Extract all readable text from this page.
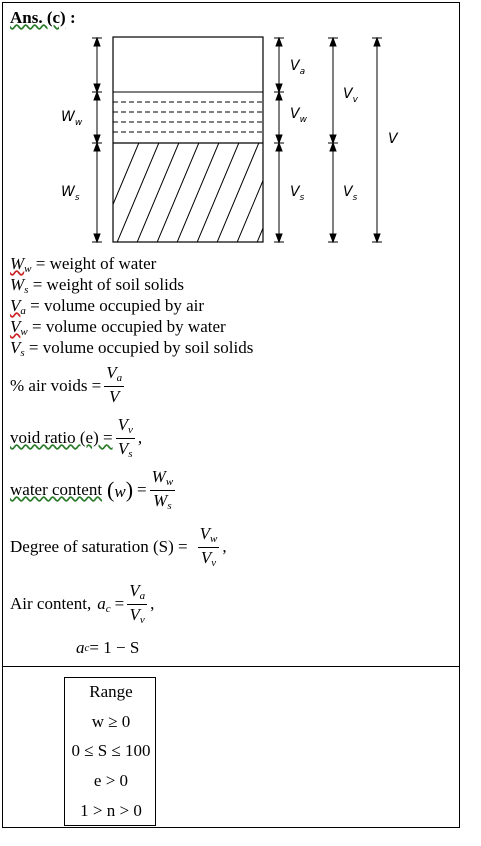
Ans. (c) :
$W_w$
$W_s$
$V_a$
$V_w$
$V_s$
$V_v$
$V_s$
V
$W_w$ = weight of water
$W_s$ = weight of soil solids
$V_a$ = volume occupied by air
$V_w$ = volume occupied by water
$V_s$ = volume occupied by soil solids
% air voids = $\frac{V_a}{V}$
void ratio $(e) = \frac{V_v}{V_s}$ ,
water content $(w) = \frac{W_w}{W_s}$
Degree of saturation $(S) = \frac{V_w}{V_v}$ ,
Air content, $a_c = \frac{V_a}{V_v}$ ,
a c = 1 − S
Range
w ≥ 0
0 ≤ S ≤ 100
e > 0
1 > n > 0
